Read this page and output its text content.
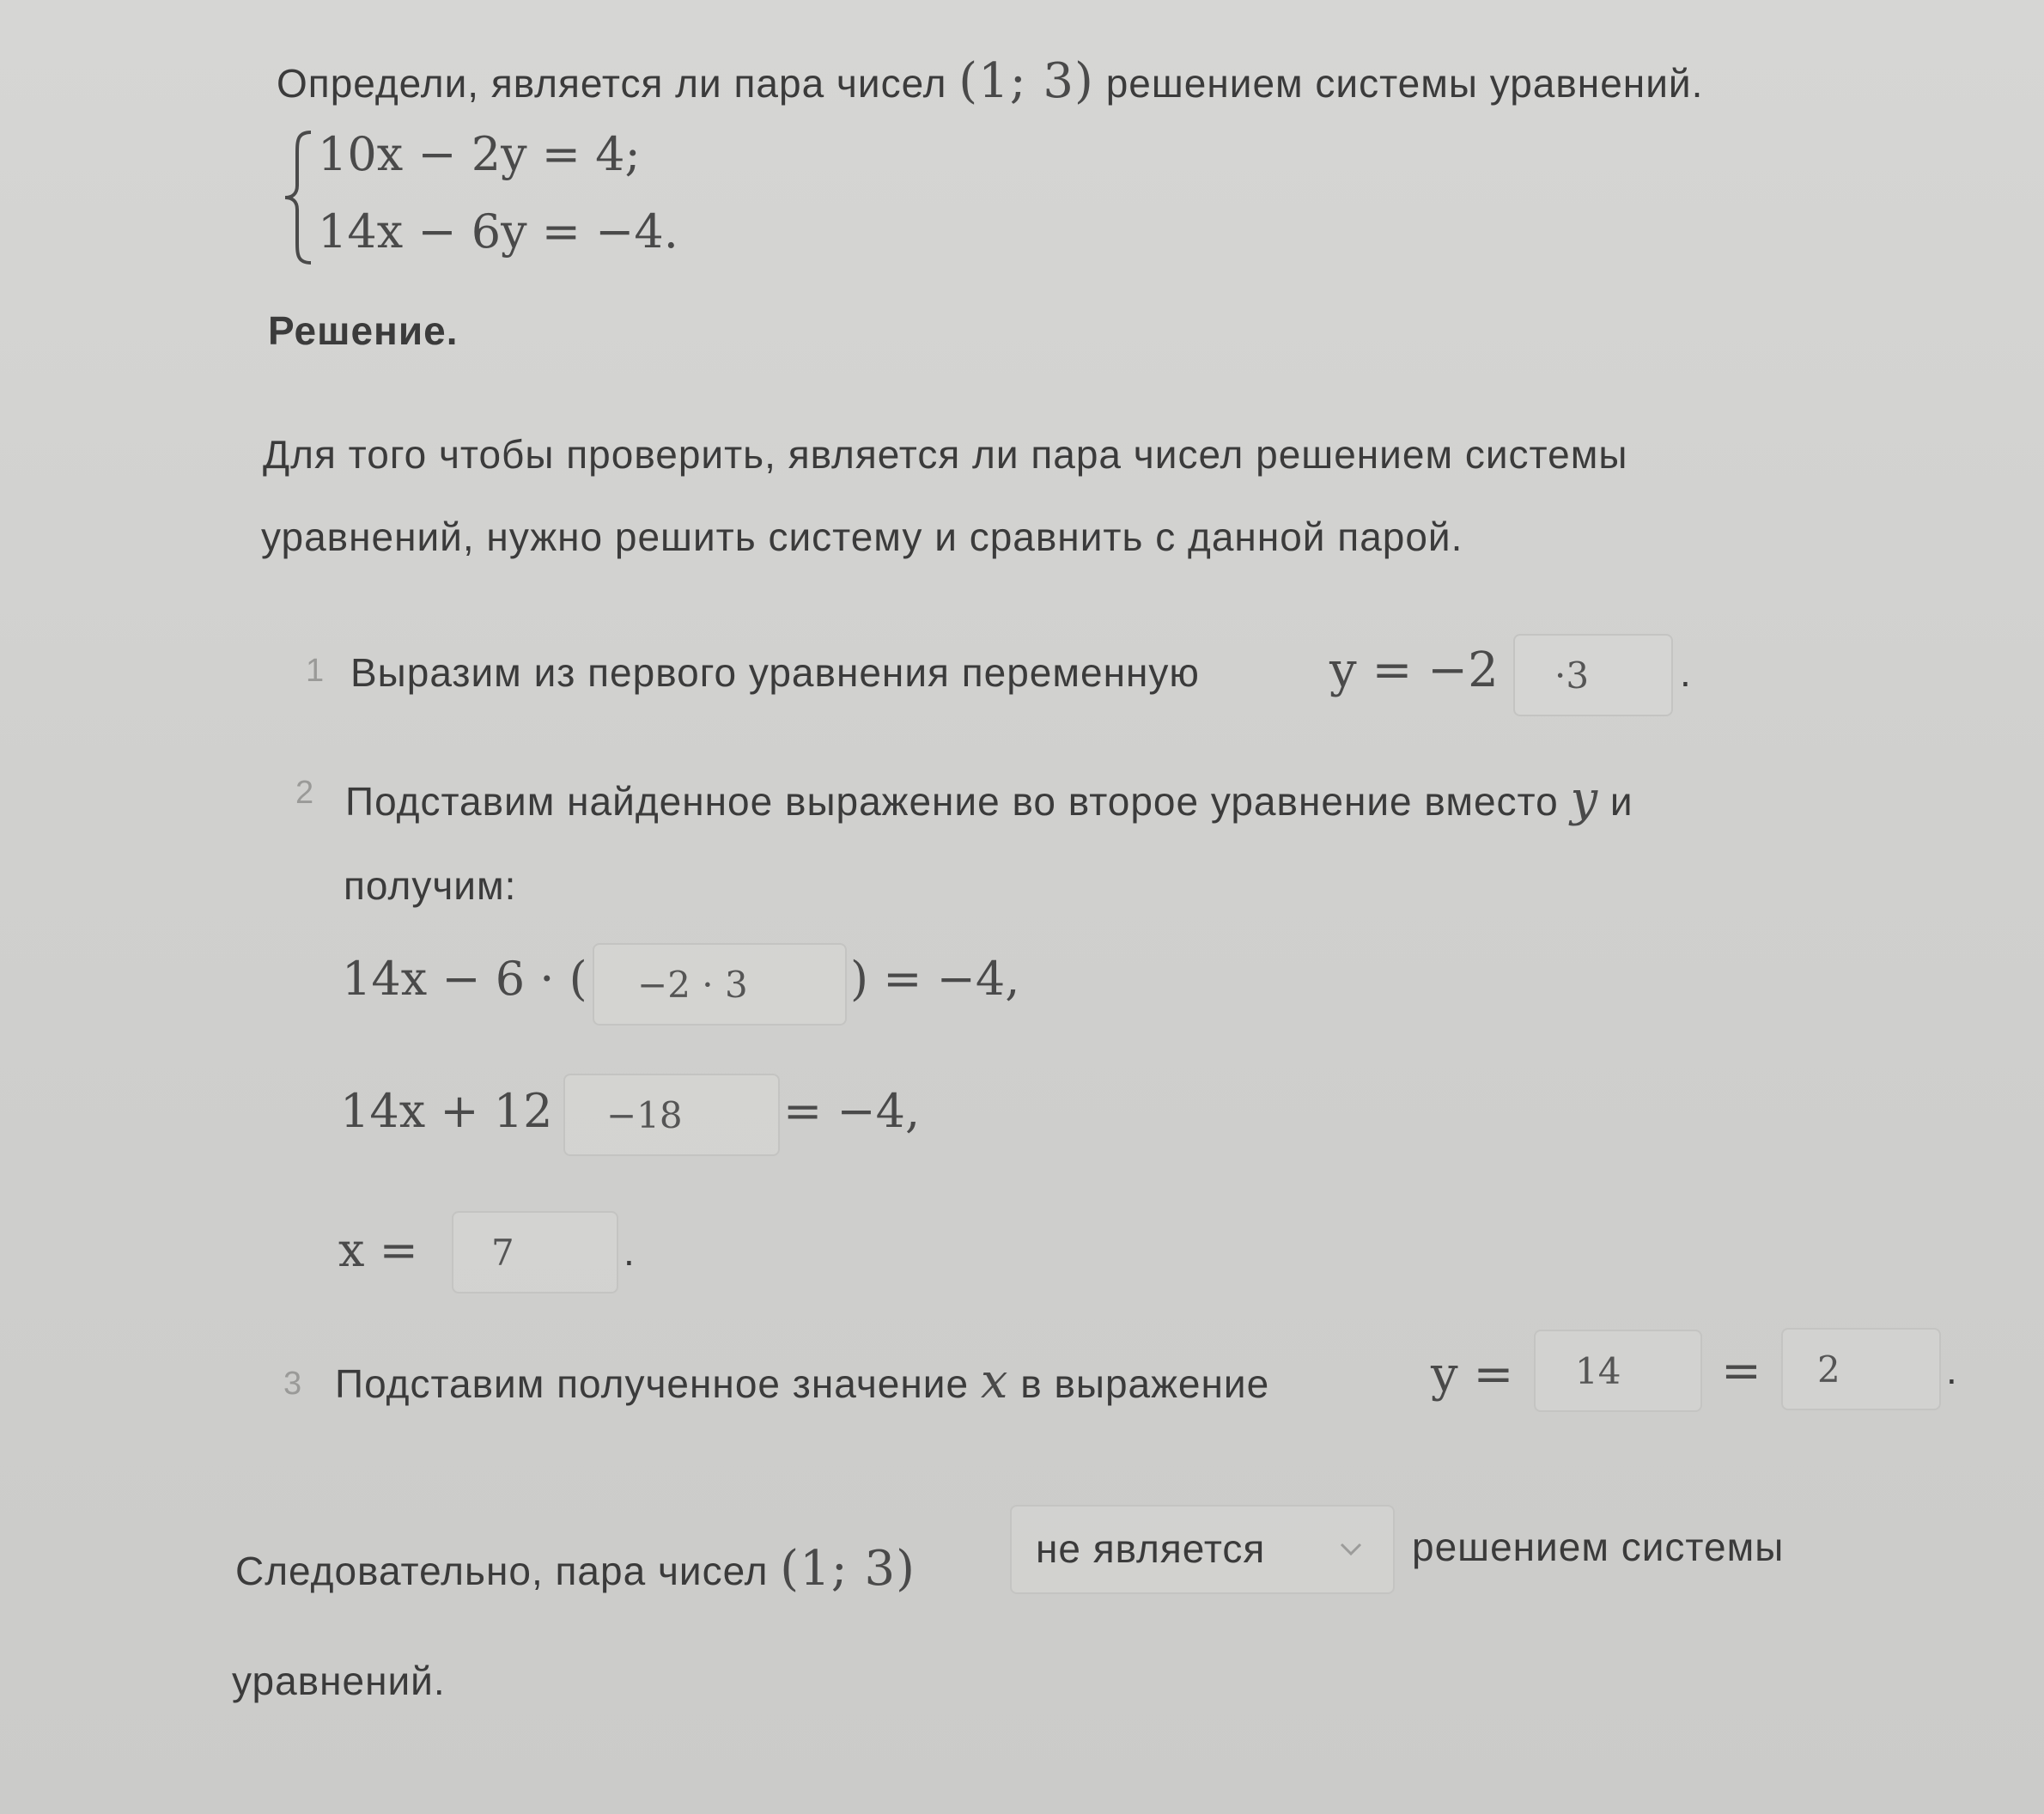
Определи, является ли пара чисел (1; 3) решением системы уравнений.
10x − 2y = 4;
14x − 6y = −4.
Решение.
Для того чтобы проверить, является ли пара чисел решением системы
уравнений, нужно решить систему и сравнить с данной парой.
1 Выразим из первого уравнения переменную	y = −2 ·3 .
2 Подставим найденное выражение во второе уравнение вместо y и
получим:
14x − 6 · ( −2 · 3 ) = −4,
14x + 12 −18 = −4,
x = 7	.
3 Подставим полученное значение x в выражение	y = 14 = 2	.
Следовательно, пара чисел (1; 3)	не является	решением системы
уравнений.
